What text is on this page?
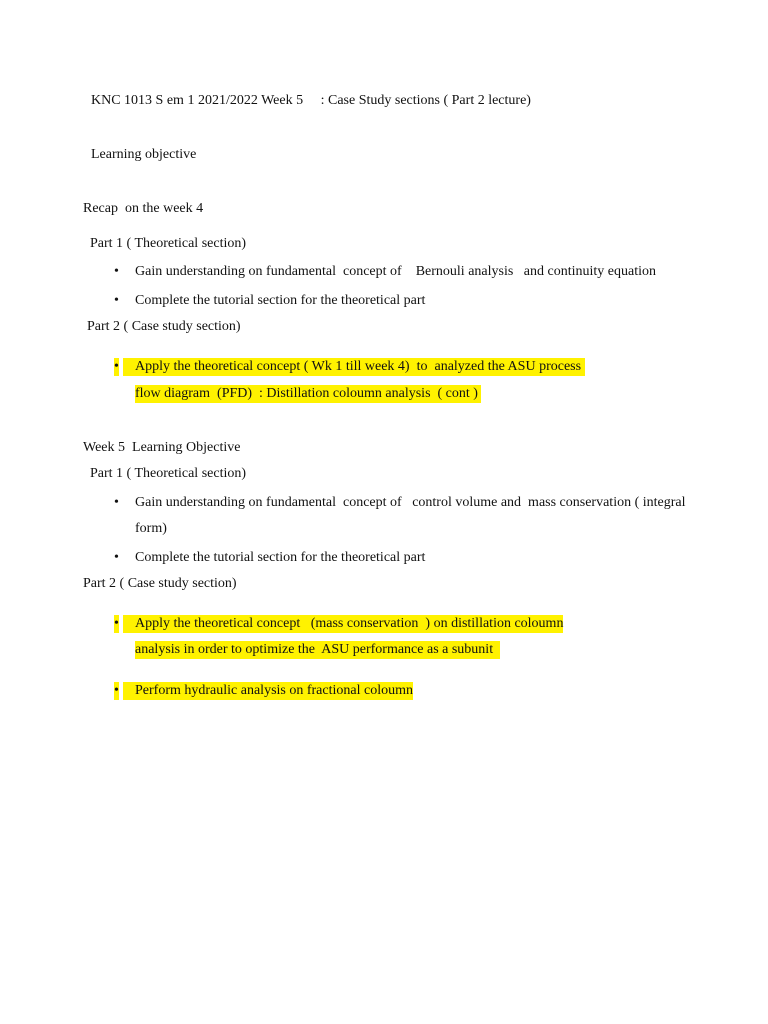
KNC 1013 S em 1 2021/2022 Week 5     : Case Study sections ( Part 2 lecture)
Learning objective
Recap  on the week 4
Part 1 ( Theoretical section)
• Gain understanding on fundamental  concept of    Bernouli analysis   and continuity equation
• Complete the tutorial section for the theoretical part
Part 2 ( Case study section)
•	Apply the theoretical concept ( Wk 1 till week 4)  to  analyzed the ASU process
flow diagram  (PFD)  : Distillation coloumn analysis  ( cont )
Week 5  Learning Objective
Part 1 ( Theoretical section)
• Gain understanding on fundamental  concept of   control volume and  mass conservation ( integral
form)
• Complete the tutorial section for the theoretical part
Part 2 ( Case study section)
•	Apply the theoretical concept   (mass conservation  ) on distillation coloumn
analysis in order to optimize the  ASU performance as a subunit
•	Perform hydraulic analysis on fractional coloumn
